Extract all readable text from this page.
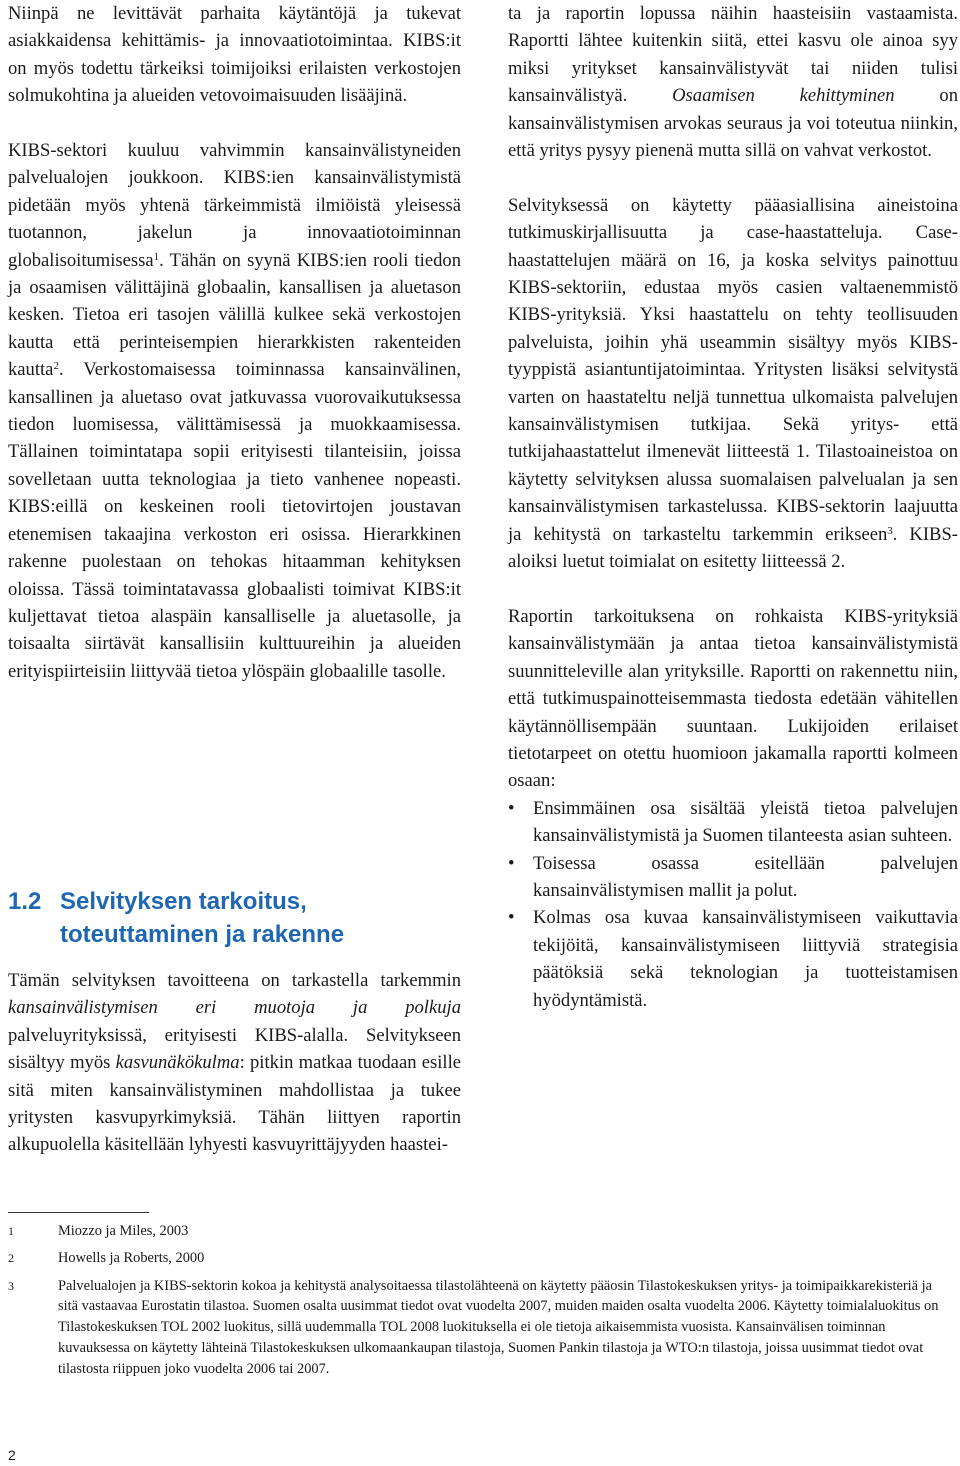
Niinpä ne levittävät parhaita käytäntöjä ja tukevat asiakkaidensa kehittämis- ja innovaatiotoimintaa. KIBS:it on myös todettu tärkeiksi toimijoiksi erilaisten verkostojen solmukohtina ja alueiden vetovoimaisuuden lisääjinä.

KIBS-sektori kuuluu vahvimmin kansainvälistyneiden palvelualojen joukkoon. KIBS:ien kansainvälistymistä pidetään myös yhtenä tärkeimmistä ilmiöistä yleisessä tuotannon, jakelun ja innovaatiotoiminnan globalisoitumisessa$^1$. Tähän on syynä KIBS:ien rooli tiedon ja osaamisen välittäjinä globaalin, kansallisen ja aluetason kesken. Tietoa eri tasojen välillä kulkee sekä verkostojen kautta että perinteisempien hierarkkisten rakenteiden kautta$^2$. Verkostomaisessa toiminnassa kansainvälinen, kansallinen ja aluetaso ovat jatkuvassa vuorovaikutuksessa tiedon luomisessa, välittämisessä ja muokkaamisessa. Tällainen toimintatapa sopii erityisesti tilanteisiin, joissa sovelletaan uutta teknologiaa ja tieto vanhenee nopeasti. KIBS:eillä on keskeinen rooli tietovirtojen joustavan etenemisen takaajina verkoston eri osissa. Hierarkkinen rakenne puolestaan on tehokas hitaamman kehityksen oloissa. Tässä toimintatavassa globaalisti toimivat KIBS:it kuljettavat tietoa alaspäin kansalliselle ja aluetasolle, ja toisaalta siirtävät kansallisiin kulttuureihin ja alueiden erityispiirteisiin liittyvää tietoa ylöspäin globaalille tasolle.

1.2 Selvityksen tarkoitus,
toteuttaminen ja rakenne

Tämän selvityksen tavoitteena on tarkastella tarkemmin kansainvälistymisen eri muotoja ja polkuja palveluyrityksissä, erityisesti KIBS-alalla. Selvitykseen sisältyy myös kasvunäkökulma: pitkin matkaa tuodaan esille sitä miten kansainvälistyminen mahdollistaa ja tukee yritysten kasvupyrkimyksiä. Tähän liittyen raportin alkupuolella käsitellään lyhyesti kasvuyrittäjyyden haastei-

ta ja raportin lopussa näihin haasteisiin vastaamista. Raportti lähtee kuitenkin siitä, ettei kasvu ole ainoa syy miksi yritykset kansainvälistyvät tai niiden tulisi kansainvälistyä. Osaamisen kehittyminen on kansainvälistymisen arvokas seuraus ja voi toteutua niinkin, että yritys pysyy pienenä mutta sillä on vahvat verkostot.

Selvityksessä on käytetty pääasiallisina aineistoina tutkimuskirjallisuutta ja case-haastatteluja. Case-haastattelujen määrä on 16, ja koska selvitys painottuu KIBS-sektoriin, edustaa myös casien valtaenemmistö KIBS-yrityksiä. Yksi haastattelu on tehty teollisuuden palveluista, joihin yhä useammin sisältyy myös KIBS-tyyppistä asiantuntijatoimintaa. Yritysten lisäksi selvitystä varten on haastateltu neljä tunnettua ulkomaista palvelujen kansainvälistymisen tutkijaa. Sekä yritys- että tutkijahaastattelut ilmenevät liitteestä 1. Tilastoaineistoa on käytetty selvityksen alussa suomalaisen palvelualan ja sen kansainvälistymisen tarkastelussa. KIBS-sektorin laajuutta ja kehitystä on tarkasteltu tarkemmin erikseen$^3$. KIBS-aloiksi luetut toimialat on esitetty liitteessä 2.

Raportin tarkoituksena on rohkaista KIBS-yrityksiä kansainvälistymään ja antaa tietoa kansainvälistymistä suunnitteleville alan yrityksille. Raportti on rakennettu niin, että tutkimuspainotteisemmasta tiedosta edetään vähitellen käytännöllisempään suuntaan. Lukijoiden erilaiset tietotarpeet on otettu huomioon jakamalla raportti kolmeen osaan:

• Ensimmäinen osa sisältää yleistä tietoa palvelujen kansainvälistymistä ja Suomen tilanteesta asian suhteen.
• Toisessa osassa esitellään palvelujen kansainvälistymisen mallit ja polut.
• Kolmas osa kuvaa kansainvälistymiseen vaikuttavia tekijöitä, kansainvälistymiseen liittyviä strategisia päätöksiä sekä teknologian ja tuotteistamisen hyödyntämistä.
1	Miozzo ja Miles, 2003
2	Howells ja Roberts, 2000
3	Palvelualojen ja KIBS-sektorin kokoa ja kehitystä analysoitaessa tilastolähteenä on käytetty pääosin Tilastokeskuksen yritys- ja toimipaikkarekisteriä ja sitä vastaavaa Eurostatin tilastoa. Suomen osalta uusimmat tiedot ovat vuodelta 2007, muiden maiden osalta vuodelta 2006. Käytetty toimialaluokitus on Tilastokeskuksen TOL 2002 luokitus, sillä uudemmalla TOL 2008 luokituksella ei ole tietoja aikaisemmista vuosista. Kansainvälisen toiminnan kuvauksessa on käytetty lähteinä Tilastokeskuksen ulkomaankaupan tilastoja, Suomen Pankin tilastoja ja WTO:n tilastoja, joissa uusimmat tiedot ovat tilastosta riippuen joko vuodelta 2006 tai 2007.
2
